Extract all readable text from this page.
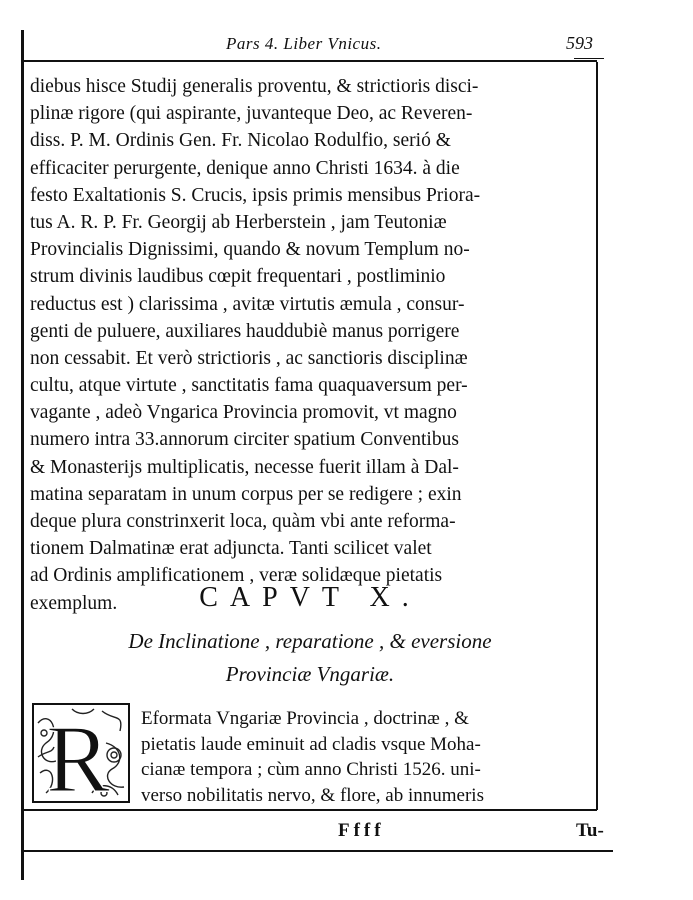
Pars 4. Liber Vnicus.	593
diebus hisce Studij generalis proventu, & strictioris disci-
plinæ rigore (qui aspirante, juvanteque Deo, ac Reveren-
diss. P. M. Ordinis Gen. Fr. Nicolao Rodulfio, serió &
efficaciter perurgente, denique anno Christi 1634. à die
festo Exaltationis S. Crucis, ipsis primis mensibus Priora-
tus A. R. P. Fr. Georgij ab Herberstein , jam Teutoniæ
Provincialis Dignissimi, quando & novum Templum no-
strum divinis laudibus cœpit frequentari , postliminio
reductus est ) clarissima , avitæ virtutis æmula , consur-
genti de puluere, auxiliares hauddubiè manus porrigere
non cessabit. Et verò strictioris , ac sanctioris disciplinæ
cultu, atque virtute , sanctitatis fama quaquaversum per-
vagante , adeò Vngarica Provincia promovit, vt magno
numero intra 33.annorum circiter spatium Conventibus
& Monasterijs multiplicatis, necesse fuerit illam à Dal-
matina separatam in unum corpus per se redigere ; exin
deque plura constrinxerit loca, quàm vbi ante reforma-
tionem Dalmatinæ erat adjuncta. Tanti scilicet valet
ad Ordinis amplificationem , veræ solidæque pietatis
exemplum.	CAPVT X.
De Inclinatione , reparatione , & eversione
Provinciæ Vngariæ.
R Eformata Vngariæ Provincia , doctrinæ , &
pietatis laude eminuit ad cladis vsque Moha-
cianæ tempora ; cùm anno Christi 1526. uni-
verso nobilitatis nervo, & flore, ab innumeris
Ffff	Tu-
